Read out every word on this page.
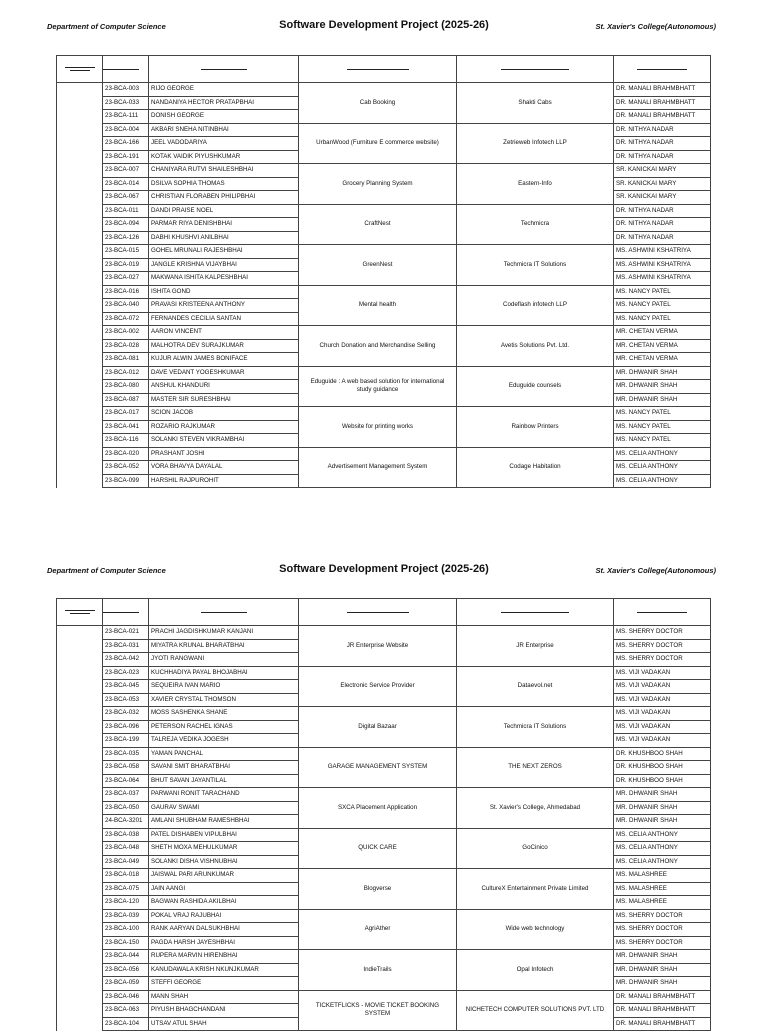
Department of Computer Science	Software Development Project (2025-26)	St. Xavier's College(Autonomous)

	23-BCA-003	RIJO GEORGE	Cab Booking	Shakti Cabs	DR. MANALI BRAHMBHATT
	23-BCA-033	NANDANIYA HECTOR PRATAPBHAI			DR. MANALI BRAHMBHATT
	23-BCA-111	DONISH GEORGE			DR. MANALI BRAHMBHATT
	23-BCA-004	AKBARI SNEHA NITINBHAI	UrbanWood (Furniture E commerce website)	Zetrieweb Infotech LLP	DR. NITHYA NADAR
	23-BCA-166	JEEL VADODARIYA			DR. NITHYA NADAR
	23-BCA-191	KOTAK VAIDIK PIYUSHKUMAR			DR. NITHYA NADAR
	23-BCA-007	CHANIYARA RUTVI SHAILESHBHAI	Grocery Planning System	Eastern-Info	SR. KANICKAI MARY
	23-BCA-014	DSILVA SOPHIA THOMAS			SR. KANICKAI MARY
	23-BCA-067	CHRISTIAN FLORABEN PHILIPBHAI			SR. KANICKAI MARY
	23-BCA-011	DANDI PRAISE NOEL	CraftNest	Techmicra	DR. NITHYA NADAR
	23-BCA-094	PARMAR RIYA DENISHBHAI			DR. NITHYA NADAR
	23-BCA-126	DABHI KHUSHVI ANILBHAI			DR. NITHYA NADAR
	23-BCA-015	GOHEL MRUNALI RAJESHBHAI	GreenNest	Techmicra IT Solutions	MS. ASHWINI KSHATRIYA
	23-BCA-019	JANGLE KRISHNA VIJAYBHAI			MS. ASHWINI KSHATRIYA
	23-BCA-027	MAKWANA ISHITA KALPESHBHAI			MS. ASHWINI KSHATRIYA
	23-BCA-016	ISHITA GOND	Mental health	Codeflash infotech LLP	MS. NANCY PATEL
	23-BCA-040	PRAVASI KRISTEENA ANTHONY			MS. NANCY PATEL
	23-BCA-072	FERNANDES CECILIA SANTAN			MS. NANCY PATEL
	23-BCA-002	AARON VINCENT	Church Donation and Merchandise Selling	Avetis Solutions Pvt. Ltd.	MR. CHETAN VERMA
	23-BCA-028	MALHOTRA DEV SURAJKUMAR			MR. CHETAN VERMA
	23-BCA-081	KUJUR ALWIN JAMES BONIFACE			MR. CHETAN VERMA
	23-BCA-012	DAVE VEDANT YOGESHKUMAR	Eduguide : A web based solution for international study guidance	Eduguide counsels	MR. DHWANIR SHAH
	23-BCA-080	ANSHUL KHANDURI			MR. DHWANIR SHAH
	23-BCA-087	MASTER SIR SURESHBHAI			MR. DHWANIR SHAH
	23-BCA-017	SCION JACOB	Website for printing works	Rainbow Printers	MS. NANCY PATEL
	23-BCA-041	ROZARIO RAJKUMAR			MS. NANCY PATEL
	23-BCA-116	SOLANKI STEVEN VIKRAMBHAI			MS. NANCY PATEL
	23-BCA-020	PRASHANT JOSHI	Advertisement Management System	Codage Habitation	MS. CELIA ANTHONY
	23-BCA-052	VORA BHAVYA DAYALAL			MS. CELIA ANTHONY
	23-BCA-099	HARSHIL RAJPUROHIT			MS. CELIA ANTHONY
Department of Computer Science	Software Development Project (2025-26)	St. Xavier's College(Autonomous)

	23-BCA-021	PRACHI JAGDISHKUMAR KANJANI	JR Enterprise Website	JR Enterprise	MS. SHERRY DOCTOR
	23-BCA-031	MIYATRA KRUNAL BHARATBHAI			MS. SHERRY DOCTOR
	23-BCA-042	JYOTI RANGWANI			MS. SHERRY DOCTOR
	23-BCA-023	KUCHHADIYA PAYAL BHOJABHAI	Electronic Service Provider	Dataevol.net	MS. VIJI VADAKAN
	23-BCA-045	SEQUEIRA IVAN MARIO			MS. VIJI VADAKAN
	23-BCA-053	XAVIER CRYSTAL THOMSON			MS. VIJI VADAKAN
	23-BCA-032	MOSS SASHENKA SHANE	Digital Bazaar	Techmicra IT Solutions	MS. VIJI VADAKAN
	23-BCA-096	PETERSON RACHEL IGNAS			MS. VIJI VADAKAN
	23-BCA-199	TALREJA VEDIKA JOGESH			MS. VIJI VADAKAN
	23-BCA-035	YAMAN PANCHAL	GARAGE MANAGEMENT SYSTEM	THE NEXT ZEROS	DR. KHUSHBOO SHAH
	23-BCA-058	SAVANI SMIT BHARATBHAI			DR. KHUSHBOO SHAH
	23-BCA-064	BHUT SAVAN JAYANTILAL			DR. KHUSHBOO SHAH
	23-BCA-037	PARWANI RONIT TARACHAND	SXCA Placement Application	St. Xavier's College, Ahmedabad	MR. DHWANIR SHAH
	23-BCA-050	GAURAV SWAMI			MR. DHWANIR SHAH
	24-BCA-3201	AMLANI SHUBHAM RAMESHBHAI			MR. DHWANIR SHAH
	23-BCA-038	PATEL DISHABEN VIPULBHAI	QUICK CARE	GoCinico	MS. CELIA ANTHONY
	23-BCA-048	SHETH MOXA MEHULKUMAR			MS. CELIA ANTHONY
	23-BCA-049	SOLANKI DISHA VISHNUBHAI			MS. CELIA ANTHONY
	23-BCA-018	JAISWAL PARI ARUNKUMAR	Blogverse	CultureX Entertainment Private Limited	MS. MALASHREE
	23-BCA-075	JAIN AANGI			MS. MALASHREE
	23-BCA-120	BAGWAN RASHIDA AKILBHAI			MS. MALASHREE
	23-BCA-039	POKAL VRAJ RAJUBHAI	AgriAther	Wide web technology	MS. SHERRY DOCTOR
	23-BCA-100	RANK AARYAN DALSUKHBHAI			MS. SHERRY DOCTOR
	23-BCA-150	PAGDA HARSH JAYESHBHAI			MS. SHERRY DOCTOR
	23-BCA-044	RUPERA MARVIN HIRENBHAI	IndieTrails	Opal Infotech	MR. DHWANIR SHAH
	23-BCA-056	KANUDAWALA KRISH NKUNJKUMAR			MR. DHWANIR SHAH
	23-BCA-059	STEFFI GEORGE			MR. DHWANIR SHAH
	23-BCA-046	MANN SHAH	TICKETFLICKS - MOVIE TICKET BOOKING SYSTEM	NICHETECH COMPUTER SOLUTIONS PVT. LTD	DR. MANALI BRAHMBHATT
	23-BCA-063	PIYUSH BHAGCHANDANI			DR. MANALI BRAHMBHATT
	23-BCA-104	UTSAV ATUL SHAH			DR. MANALI BRAHMBHATT
